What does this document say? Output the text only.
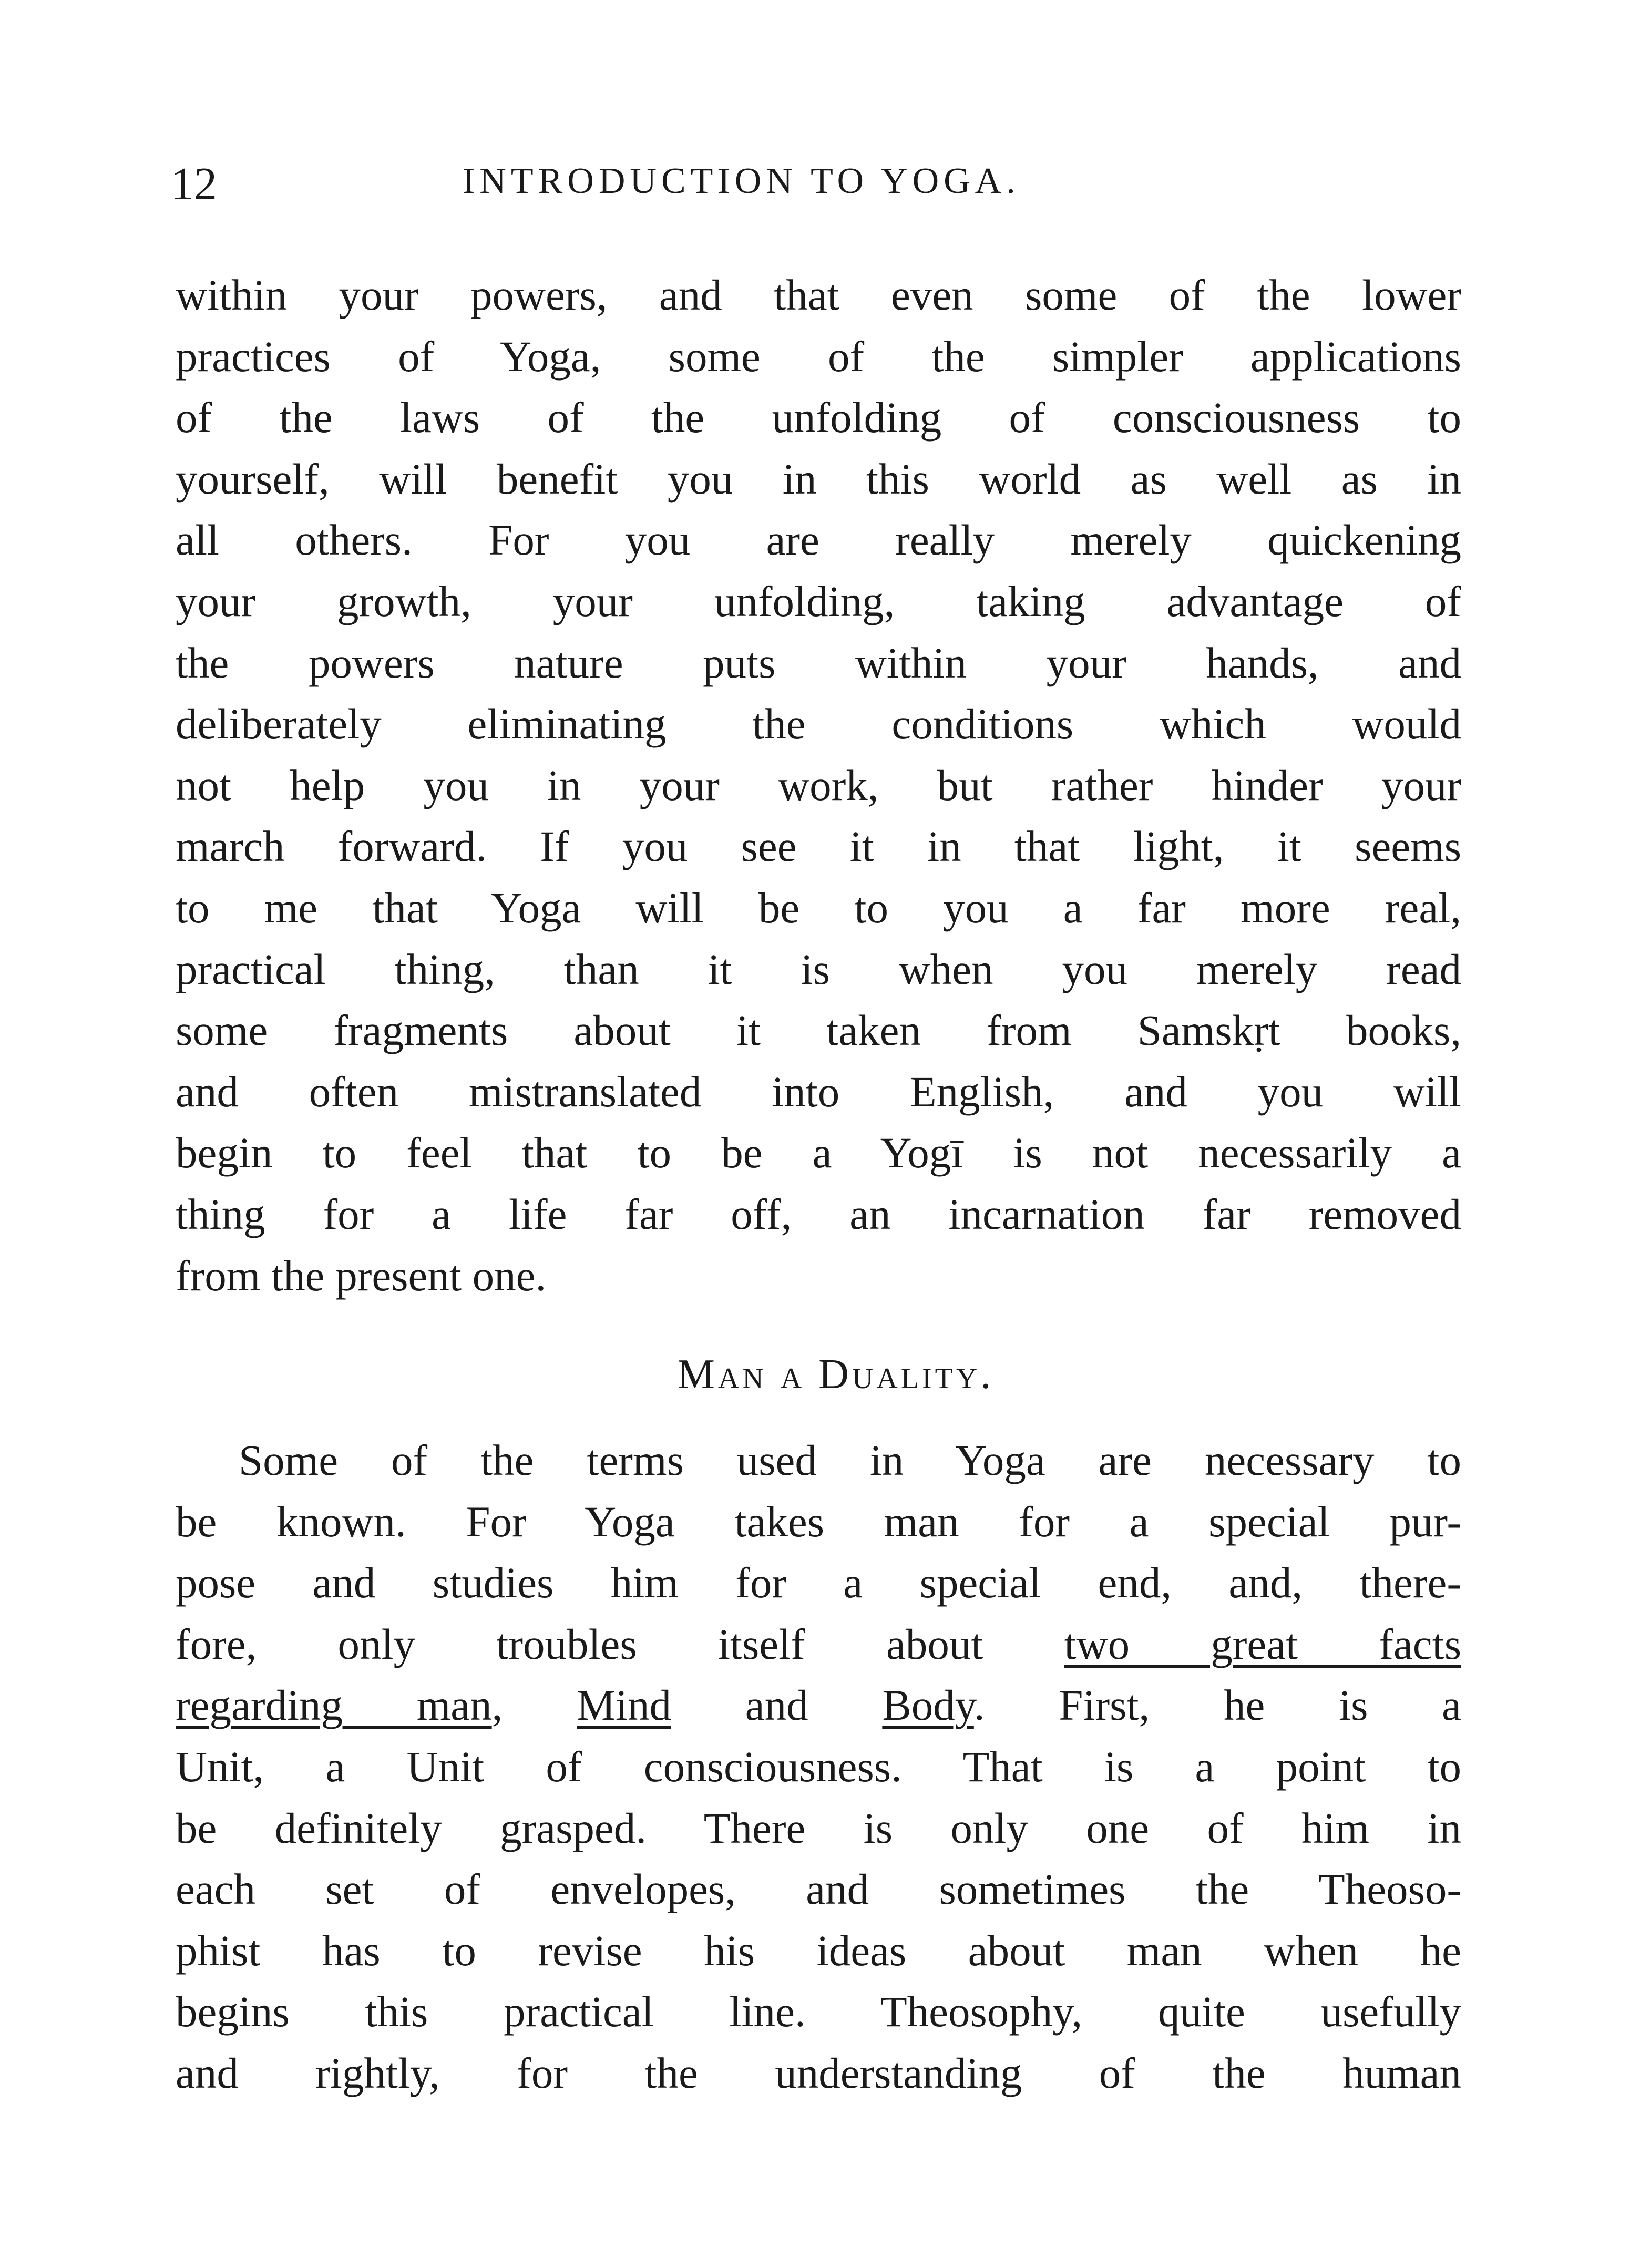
12	INTRODUCTION TO YOGA.
within your powers, and that even some of the lower
practices of Yoga, some of the simpler applications
of the laws of the unfolding of consciousness to
yourself, will benefit you in this world as well as in
all others. For you are really merely quickening
your growth, your unfolding, taking advantage of
the powers nature puts within your hands, and
deliberately eliminating the conditions which would
not help you in your work, but rather hinder your
march forward. If you see it in that light, it seems
to me that Yoga will be to you a far more real,
practical thing, than it is when you merely read
some fragments about it taken from Samskṛt books,
and often mistranslated into English, and you will
begin to feel that to be a Yogī is not necessarily a
thing for a life far off, an incarnation far removed
from the present one.
Man a Duality.
Some of the terms used in Yoga are necessary to
be known. For Yoga takes man for a special pur-
pose and studies him for a special end, and, there-
fore, only troubles itself about two great facts
regarding man, Mind and Body. First, he is a
Unit, a Unit of consciousness. That is a point to
be definitely grasped. There is only one of him in
each set of envelopes, and sometimes the Theoso-
phist has to revise his ideas about man when he
begins this practical line. Theosophy, quite usefully
and rightly, for the understanding of the human
